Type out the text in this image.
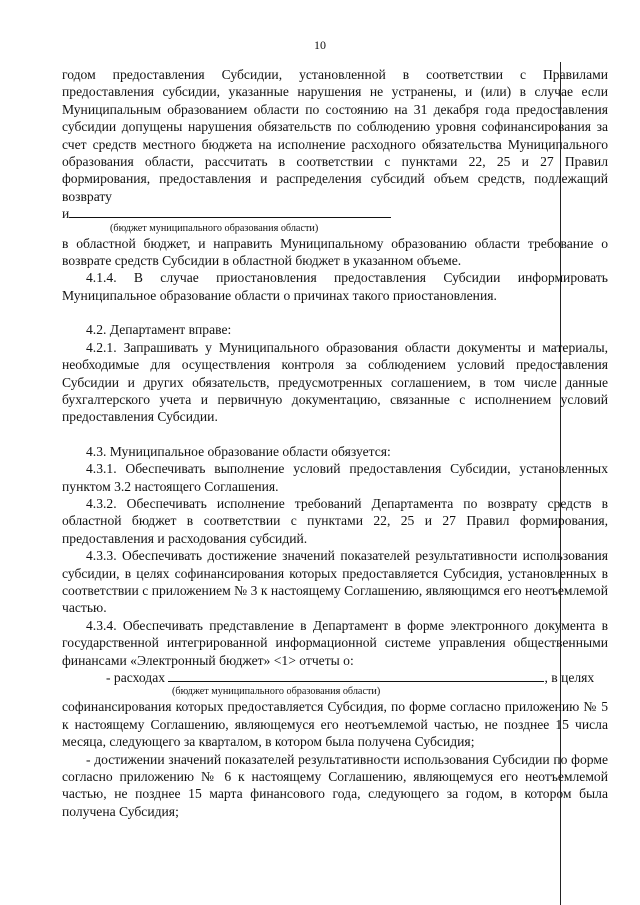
10

годом предоставления Субсидии, установленной в соответствии с Правилами предоставления субсидии, указанные нарушения не устранены, и (или) в случае если Муниципальным образованием области по состоянию на 31 декабря года предоставления субсидии допущены нарушения обязательств по соблюдению уровня софинансирования за счет средств местного бюджета на исполнение расходного обязательства Муниципального образования области, рассчитать в соответствии с пунктами 22, 25 и 27 Правил формирования, предоставления и распределения субсидий объем средств, подлежащий возврату

и

(бюджет муниципального образования области)

в областной бюджет, и направить Муниципальному образованию области требование о возврате средств Субсидии в областной бюджет в указанном объеме.

4.1.4. В случае приостановления предоставления Субсидии информировать Муниципальное образование области о причинах такого приостановления.

4.2. Департамент вправе:

4.2.1. Запрашивать у Муниципального образования области документы и материалы, необходимые для осуществления контроля за соблюдением условий предоставления Субсидии и других обязательств, предусмотренных соглашением, в том числе данные бухгалтерского учета и первичную документацию, связанные с исполнением условий предоставления Субсидии.

4.3. Муниципальное образование области обязуется:

4.3.1. Обеспечивать выполнение условий предоставления Субсидии, установленных пунктом 3.2 настоящего Соглашения.

4.3.2. Обеспечивать исполнение требований Департамента по возврату средств в областной бюджет в соответствии с пунктами 22, 25 и 27 Правил формирования, предоставления и расходования субсидий.

4.3.3. Обеспечивать достижение значений показателей результативности использования субсидии, в целях софинансирования которых предоставляется Субсидия, установленных в соответствии с приложением № 3 к настоящему Соглашению, являющимся его неотъемлемой частью.

4.3.4. Обеспечивать представление в Департамент в форме электронного документа в государственной интегрированной информационной системе управления общественными финансами «Электронный бюджет» <1> отчеты о:

- расходах	, в целях

(бюджет муниципального образования области)

софинансирования которых предоставляется Субсидия, по форме согласно приложению № 5 к настоящему Соглашению, являющемуся его неотъемлемой частью, не позднее 15 числа месяца, следующего за кварталом, в котором была получена Субсидия;

- достижении значений показателей результативности использования Субсидии по форме согласно приложению № 6 к настоящему Соглашению, являющемуся его неотъемлемой частью, не позднее 15 марта финансового года, следующего за годом, в котором была получена Субсидия;
